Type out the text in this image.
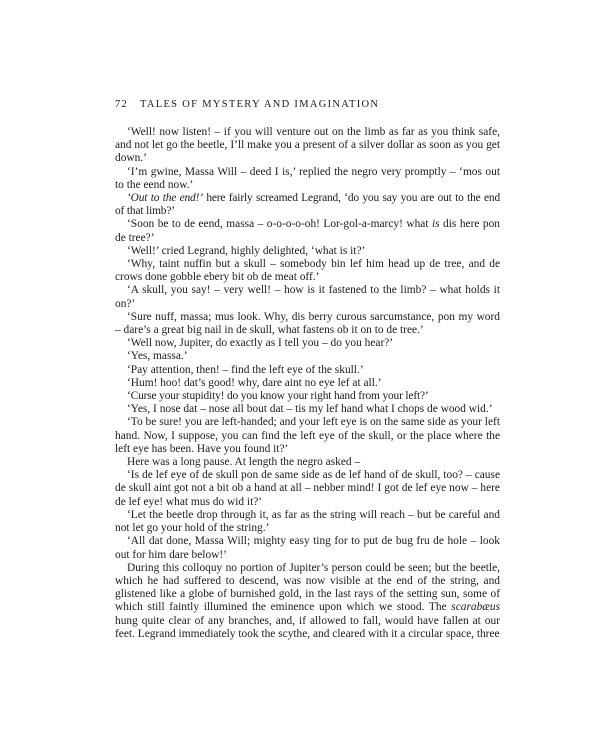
72 TALES OF MYSTERY AND IMAGINATION

‘Well! now listen! – if you will venture out on the limb as far as you think safe, and not let go the beetle, I’ll make you a present of a silver dollar as soon as you get down.’

‘I’m gwine, Massa Will – deed I is,’ replied the negro very promptly – ‘mos out to the eend now.’

‘Out to the end!’ here fairly screamed Legrand, ‘do you say you are out to the end of that limb?’

‘Soon be to de eend, massa – o-o-o-o-oh! Lor-gol-a-marcy! what is dis here pon de tree?’

‘Well!’ cried Legrand, highly delighted, ‘what is it?’

‘Why, taint nuffin but a skull – somebody bin lef him head up de tree, and de crows done gobble ebery bit ob de meat off.’

‘A skull, you say! – very well! – how is it fastened to the limb? – what holds it on?’

‘Sure nuff, massa; mus look. Why, dis berry curous sarcumstance, pon my word – dare’s a great big nail in de skull, what fastens ob it on to de tree.’

‘Well now, Jupiter, do exactly as I tell you – do you hear?’

‘Yes, massa.’

‘Pay attention, then! – find the left eye of the skull.’

‘Hum! hoo! dat’s good! why, dare aint no eye lef at all.’

‘Curse your stupidity! do you know your right hand from your left?’

‘Yes, I nose dat – nose all bout dat – tis my lef hand what I chops de wood wid.’

‘To be sure! you are left-handed; and your left eye is on the same side as your left hand. Now, I suppose, you can find the left eye of the skull, or the place where the left eye has been. Have you found it?’

Here was a long pause. At length the negro asked –

‘Is de lef eye of de skull pon de same side as de lef hand of de skull, too? – cause de skull aint got not a bit ob a hand at all – nebber mind! I got de lef eye now – here de lef eye! what mus do wid it?’

‘Let the beetle drop through it, as far as the string will reach – but be careful and not let go your hold of the string.’

‘All dat done, Massa Will; mighty easy ting for to put de bug fru de hole – look out for him dare below!’

During this colloquy no portion of Jupiter’s person could be seen; but the beetle, which he had suffered to descend, was now visible at the end of the string, and glistened like a globe of burnished gold, in the last rays of the setting sun, some of which still faintly illumined the eminence upon which we stood. The scarabæus hung quite clear of any branches, and, if allowed to fall, would have fallen at our feet. Legrand immediately took the scythe, and cleared with it a circular space, three
